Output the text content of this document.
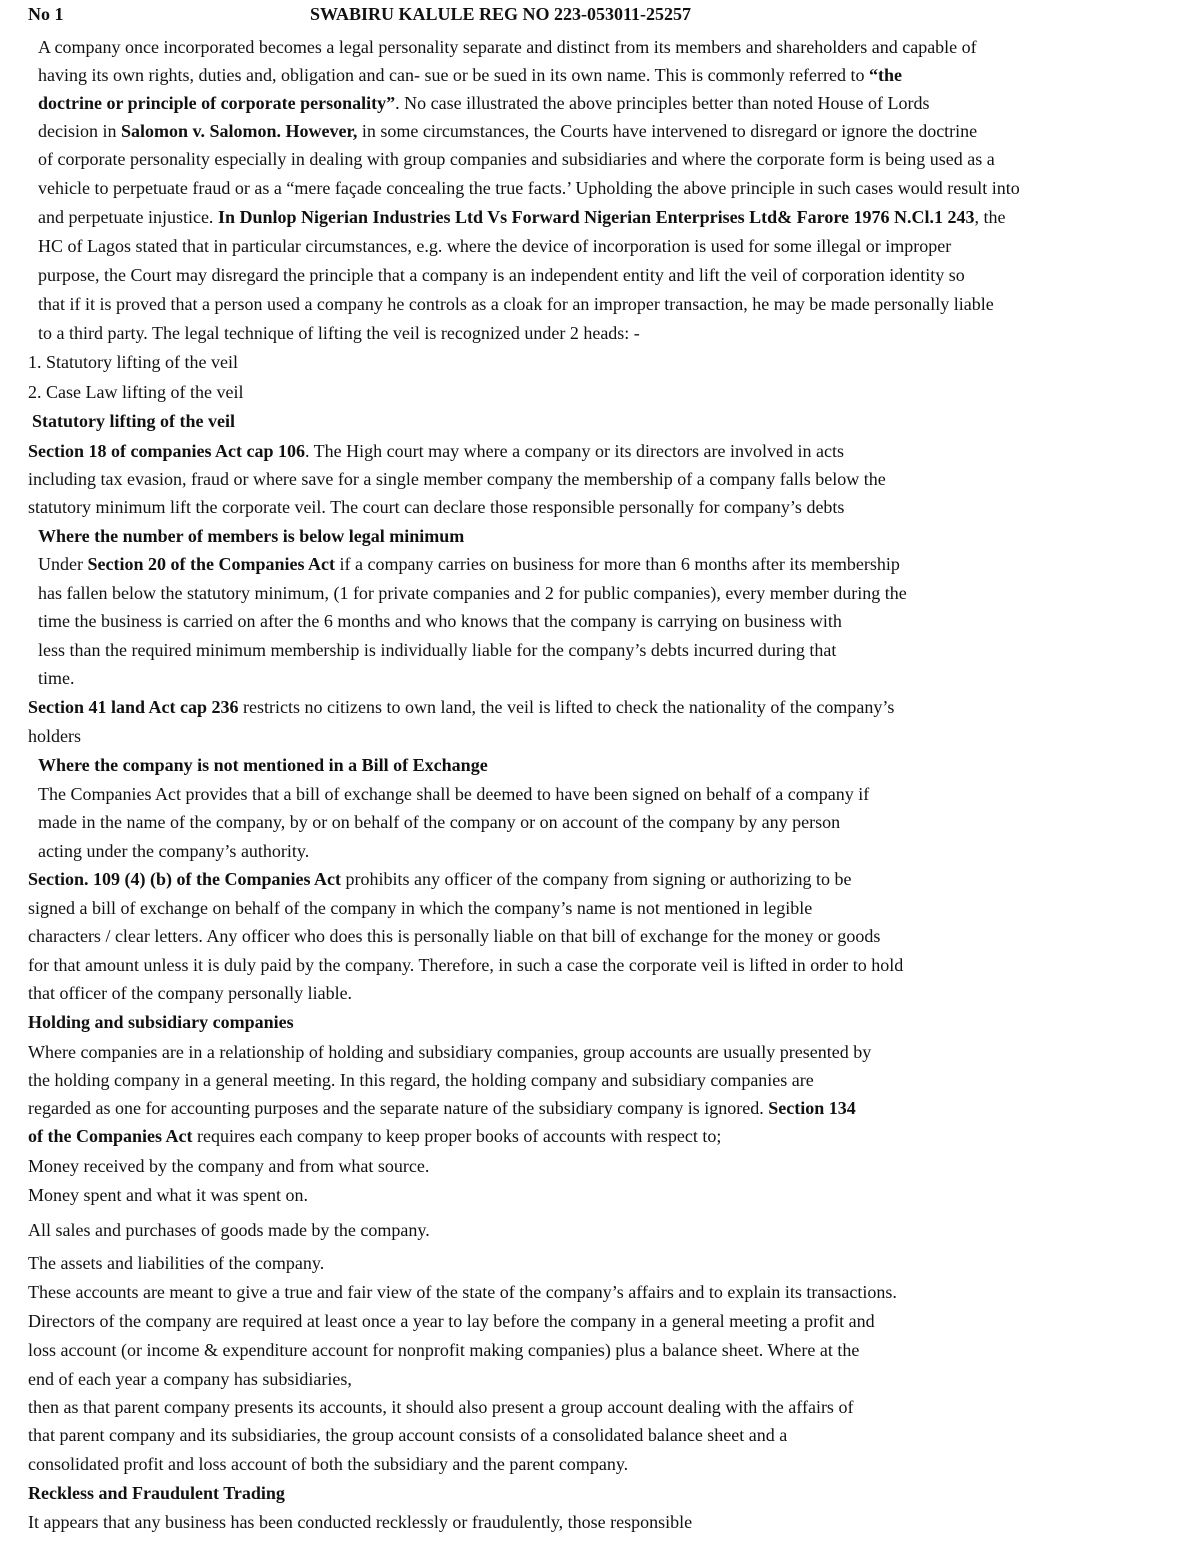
No 1	SWABIRU KALULE REG NO 223-053011-25257
A company once incorporated becomes a legal personality separate and distinct from its members and shareholders and capable of
having its own rights, duties and, obligation and can- sue or be sued in its own name. This is commonly referred to “the
doctrine or principle of corporate personality”. No case illustrated the above principles better than noted House of Lords
decision in Salomon v. Salomon. However, in some circumstances, the Courts have intervened to disregard or ignore the doctrine
of corporate personality especially in dealing with group companies and subsidiaries and where the corporate form is being used as a
vehicle to perpetuate fraud or as a “mere façade concealing the true facts.’ Upholding the above principle in such cases would result into
and perpetuate injustice. In Dunlop Nigerian Industries Ltd Vs Forward Nigerian Enterprises Ltd& Farore 1976 N.Cl.1 243, the
HC of Lagos stated that in particular circumstances, e.g. where the device of incorporation is used for some illegal or improper
purpose, the Court may disregard the principle that a company is an independent entity and lift the veil of corporation identity so
that if it is proved that a person used a company he controls as a cloak for an improper transaction, he may be made personally liable
to a third party. The legal technique of lifting the veil is recognized under 2 heads: -
1. Statutory lifting of the veil
2. Case Law lifting of the veil
Statutory lifting of the veil
Section 18 of companies Act cap 106. The High court may where a company or its directors are involved in acts
including tax evasion, fraud or where save for a single member company the membership of a company falls below the
statutory minimum lift the corporate veil. The court can declare those responsible personally for company’s debts
Where the number of members is below legal minimum
Under Section 20 of the Companies Act if a company carries on business for more than 6 months after its membership
has fallen below the statutory minimum, (1 for private companies and 2 for public companies), every member during the
time the business is carried on after the 6 months and who knows that the company is carrying on business with
less than the required minimum membership is individually liable for the company’s debts incurred during that
time.
Section 41 land Act cap 236 restricts no citizens to own land, the veil is lifted to check the nationality of the company’s
holders
Where the company is not mentioned in a Bill of Exchange
The Companies Act provides that a bill of exchange shall be deemed to have been signed on behalf of a company if
made in the name of the company, by or on behalf of the company or on account of the company by any person
acting under the company’s authority.
Section. 109 (4) (b) of the Companies Act prohibits any officer of the company from signing or authorizing to be
signed a bill of exchange on behalf of the company in which the company’s name is not mentioned in legible
characters / clear letters. Any officer who does this is personally liable on that bill of exchange for the money or goods
for that amount unless it is duly paid by the company. Therefore, in such a case the corporate veil is lifted in order to hold
that officer of the company personally liable.
Holding and subsidiary companies
Where companies are in a relationship of holding and subsidiary companies, group accounts are usually presented by
the holding company in a general meeting. In this regard, the holding company and subsidiary companies are
regarded as one for accounting purposes and the separate nature of the subsidiary company is ignored. Section 134
of the Companies Act requires each company to keep proper books of accounts with respect to;
Money received by the company and from what source.
Money spent and what it was spent on.
All sales and purchases of goods made by the company.
The assets and liabilities of the company.
These accounts are meant to give a true and fair view of the state of the company’s affairs and to explain its transactions.
Directors of the company are required at least once a year to lay before the company in a general meeting a profit and
loss account (or income & expenditure account for nonprofit making companies) plus a balance sheet. Where at the
end of each year a company has subsidiaries,
then as that parent company presents its accounts, it should also present a group account dealing with the affairs of
that parent company and its subsidiaries, the group account consists of a consolidated balance sheet and a
consolidated profit and loss account of both the subsidiary and the parent company.
Reckless and Fraudulent Trading
It appears that any business has been conducted recklessly or fraudulently, those responsible
